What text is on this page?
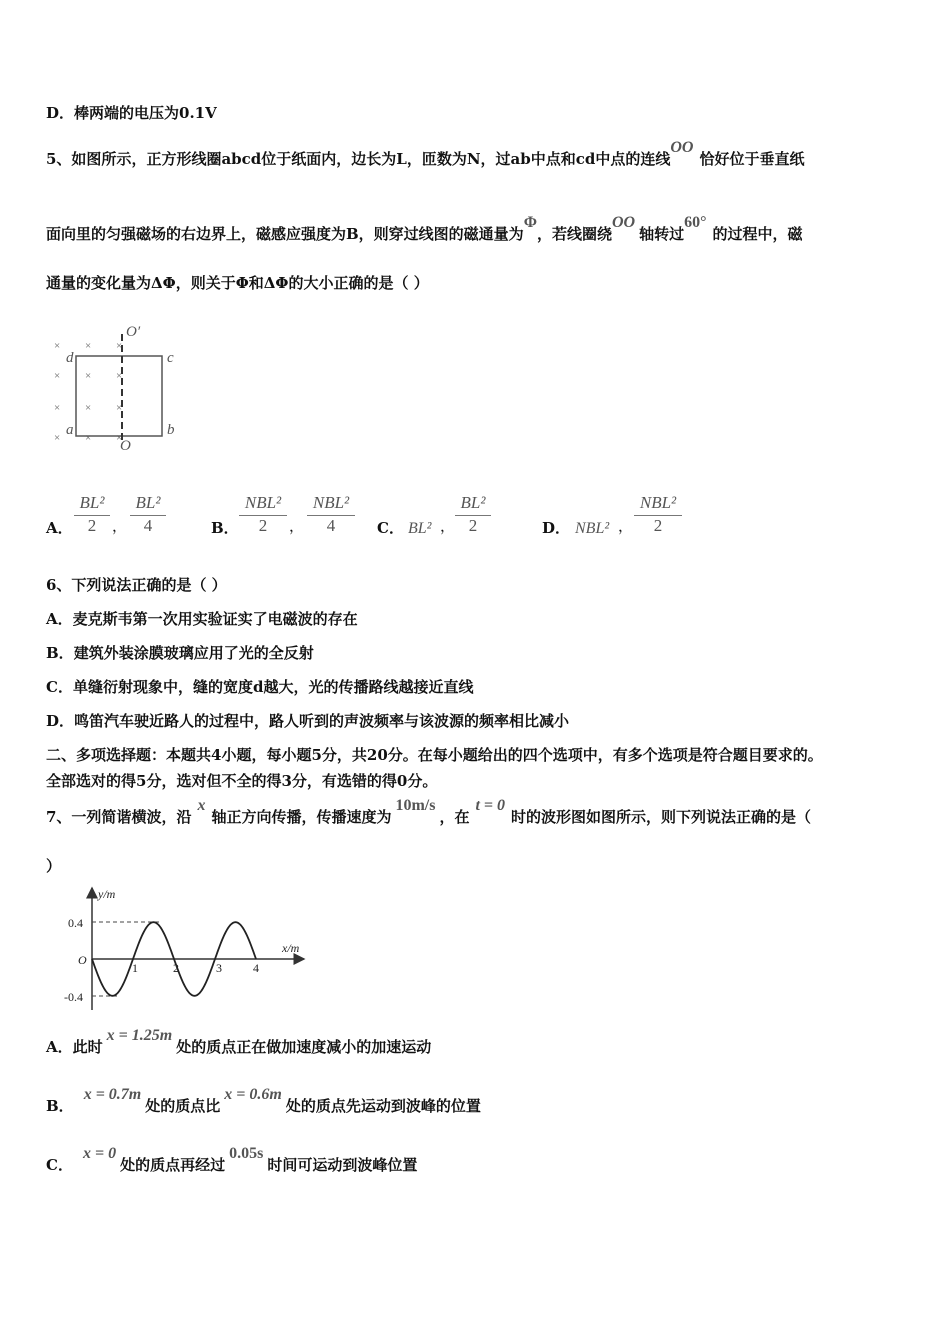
D．棒两端的电压为0.1V
5、如图所示，正方形线圈abcd位于纸面内，边长为L，匝数为N，过ab中点和cd中点的连线OO恰好位于垂直纸
面向里的匀强磁场的右边界上，磁感应强度为B，则穿过线图的磁通量为Φ，若线圈绕OO轴转过60°的过程中，磁
通量的变化量为ΔΦ，则关于Φ和ΔΦ的大小正确的是（ ）
× × ×
× × ×
× × ×
× × ×
d	c
a	b
O′
O
A．
BL²
2	，
BL²
4	B．
NBL²
2	，
NBL²
4	C． BL² ，
BL²
2	D． NBL² ，
NBL²
2
6、下列说法正确的是（ ）
A．麦克斯韦第一次用实验证实了电磁波的存在
B．建筑外装涂膜玻璃应用了光的全反射
C．单缝衍射现象中，缝的宽度d越大，光的传播路线越接近直线
D．鸣笛汽车驶近路人的过程中，路人听到的声波频率与该波源的频率相比减小
二、多项选择题：本题共4小题，每小题5分，共20分。在每小题给出的四个选项中，有多个选项是符合题目要求的。
全部选对的得5分，选对但不全的得3分，有选错的得0分。
7、一列简谐横波，沿x轴正方向传播，传播速度为10m/s，在t = 0时的波形图如图所示，则下列说法正确的是（
）
y/m
x/m
0.4
O
-0.4
1	2	3	4
A．此时x = 1.25m处的质点正在做加速度减小的加速运动
B．x = 0.7m处的质点比x = 0.6m处的质点先运动到波峰的位置
C．x = 0处的质点再经过0.05s时间可运动到波峰位置
